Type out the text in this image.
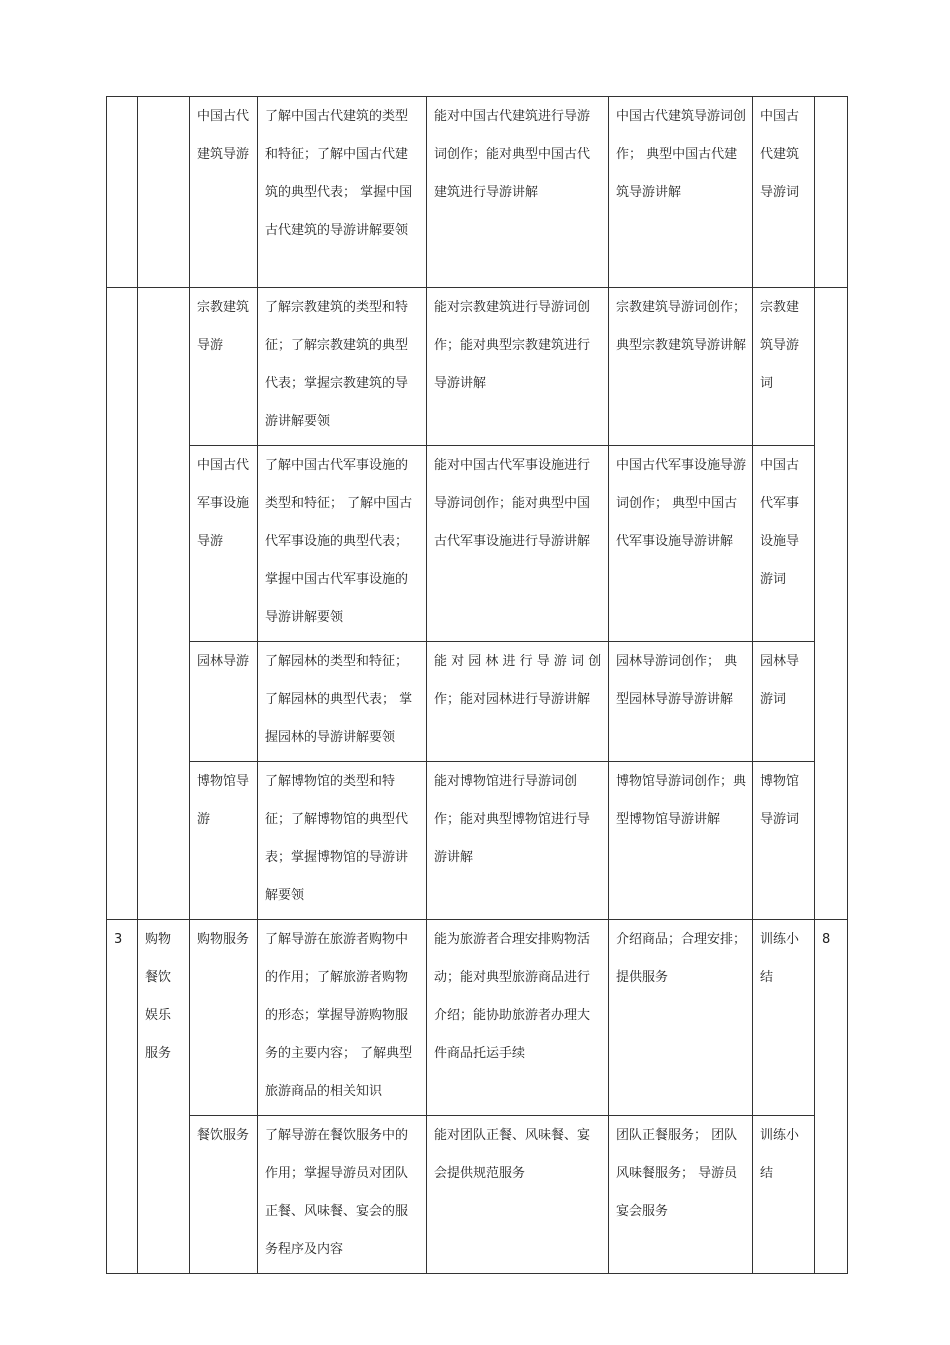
		中国古代建筑导游	了解中国古代建筑的类型和特征；了解中国古代建筑的典型代表； 掌握中国古代建筑的导游讲解要领	能对中国古代建筑进行导游词创作；能对典型中国古代建筑进行导游讲解	中国古代建筑导游词创作； 典型中国古代建筑导游讲解	中国古代建筑导游词	
		宗教建筑导游	了解宗教建筑的类型和特征；了解宗教建筑的典型代表；掌握宗教建筑的导游讲解要领	能对宗教建筑进行导游词创作；能对典型宗教建筑进行导游讲解	宗教建筑导游词创作；典型宗教建筑导游讲解	宗教建筑导游词	
		中国古代军事设施导游	了解中国古代军事设施的类型和特征； 了解中国古代军事设施的典型代表；掌握中国古代军事设施的导游讲解要领	能对中国古代军事设施进行导游词创作；能对典型中国古代军事设施进行导游讲解	中国古代军事设施导游词创作； 典型中国古代军事设施导游讲解	中国古代军事设施导游词	
		园林导游	了解园林的类型和特征；了解园林的典型代表； 掌握园林的导游讲解要领	能 对 园 林 进 行 导 游 词 创作；能对园林进行导游讲解	园林导游词创作； 典型园林导游导游讲解	园林导游词	
		博物馆导游	了解博物馆的类型和特征；了解博物馆的典型代表；掌握博物馆的导游讲解要领	能对博物馆进行导游词创作；能对典型博物馆进行导游讲解	博物馆导游词创作；典型博物馆导游讲解	博物馆导游词	
3	购物餐饮娱乐服务	购物服务	了解导游在旅游者购物中的作用；了解旅游者购物的形态；掌握导游购物服务的主要内容； 了解典型旅游商品的相关知识	能为旅游者合理安排购物活动；能对典型旅游商品进行介绍；能协助旅游者办理大件商品托运手续	介绍商品；合理安排；提供服务	训练小结	8
		餐饮服务	了解导游在餐饮服务中的作用；掌握导游员对团队正餐、风味餐、宴会的服务程序及内容	能对团队正餐、风味餐、宴会提供规范服务	团队正餐服务； 团队风味餐服务； 导游员宴会服务	训练小结	
